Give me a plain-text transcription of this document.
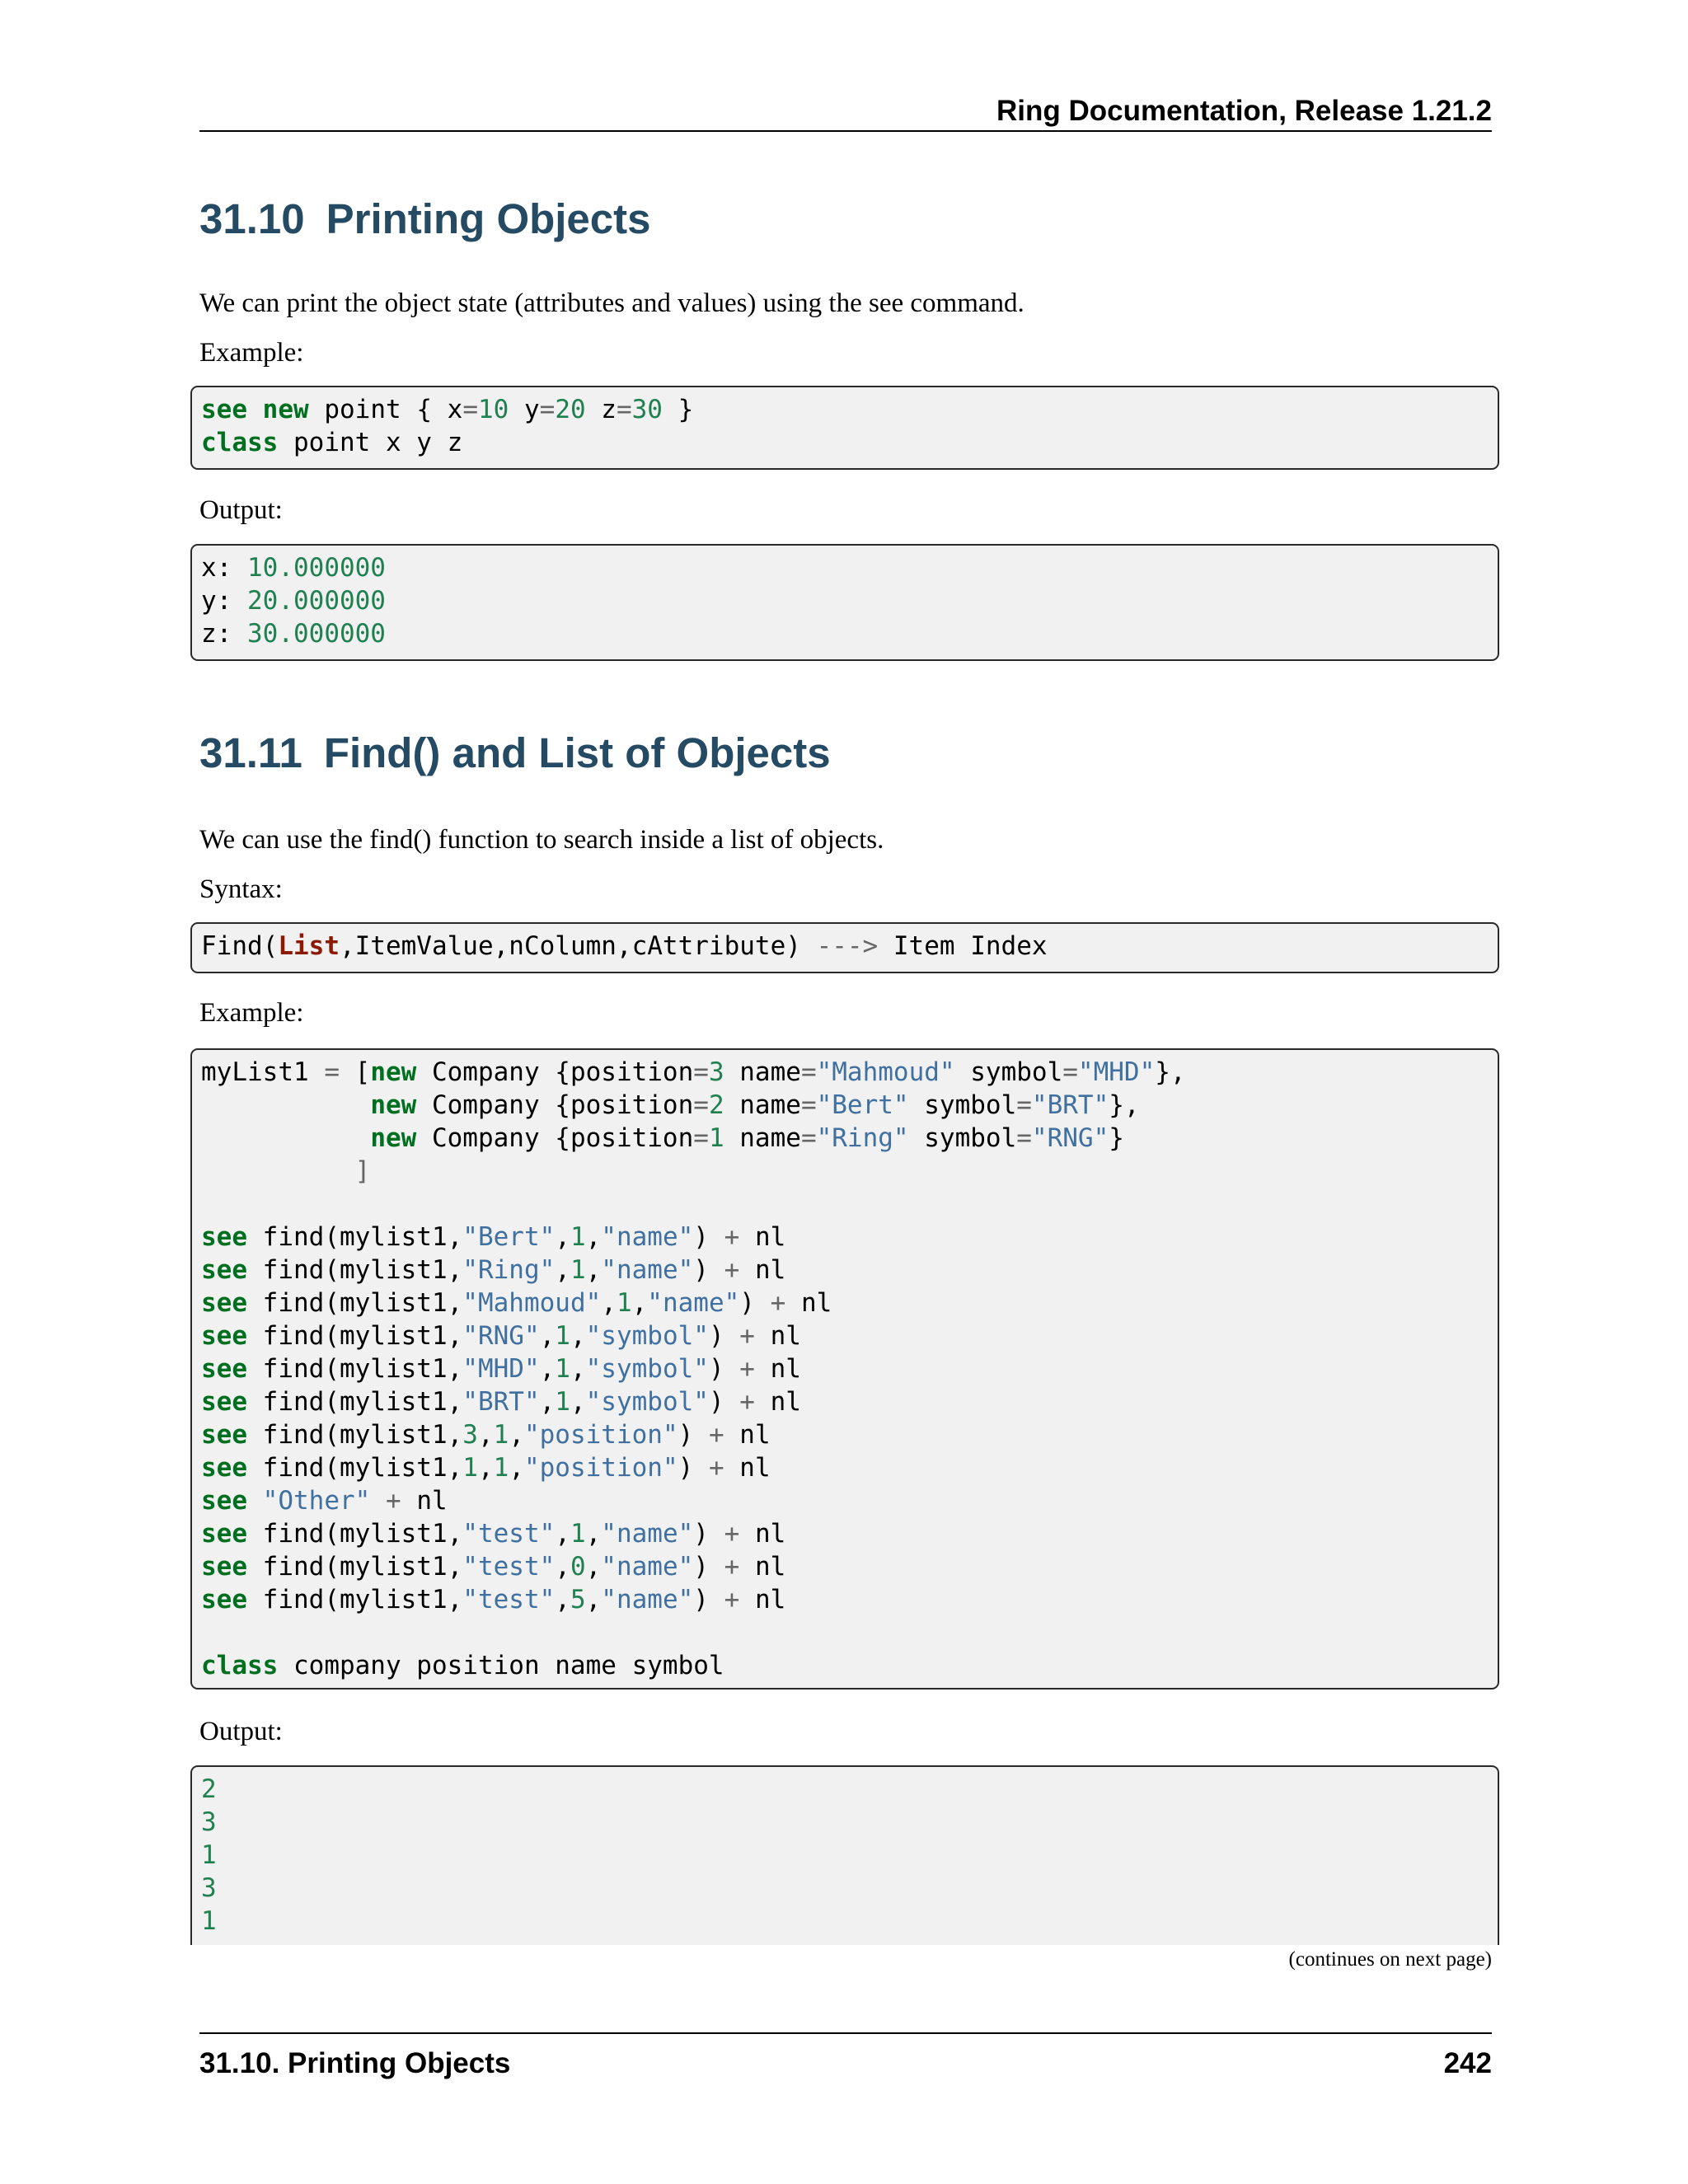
Ring Documentation, Release 1.21.2
31.10 Printing Objects

We can print the object state (attributes and values) using the see command.

Example:

see new point { x=10 y=20 z=30 }
class point x y z

Output:

x: 10.000000
y: 20.000000
z: 30.000000
31.11 Find() and List of Objects

We can use the find() function to search inside a list of objects.

Syntax:

Find(List,ItemValue,nColumn,cAttribute) ---> Item Index

Example:

myList1 = [new Company {position=3 name="Mahmoud" symbol="MHD"},
new Company {position=2 name="Bert" symbol="BRT"},
new Company {position=1 name="Ring" symbol="RNG"}
]

see find(mylist1,"Bert",1,"name") + nl
see find(mylist1,"Ring",1,"name") + nl
see find(mylist1,"Mahmoud",1,"name") + nl
see find(mylist1,"RNG",1,"symbol") + nl
see find(mylist1,"MHD",1,"symbol") + nl
see find(mylist1,"BRT",1,"symbol") + nl
see find(mylist1,3,1,"position") + nl
see find(mylist1,1,1,"position") + nl
see "Other" + nl
see find(mylist1,"test",1,"name") + nl
see find(mylist1,"test",0,"name") + nl
see find(mylist1,"test",5,"name") + nl

class company position name symbol

Output:

2
3
1
3
1
(continues on next page)
31.10. Printing Objects	242
